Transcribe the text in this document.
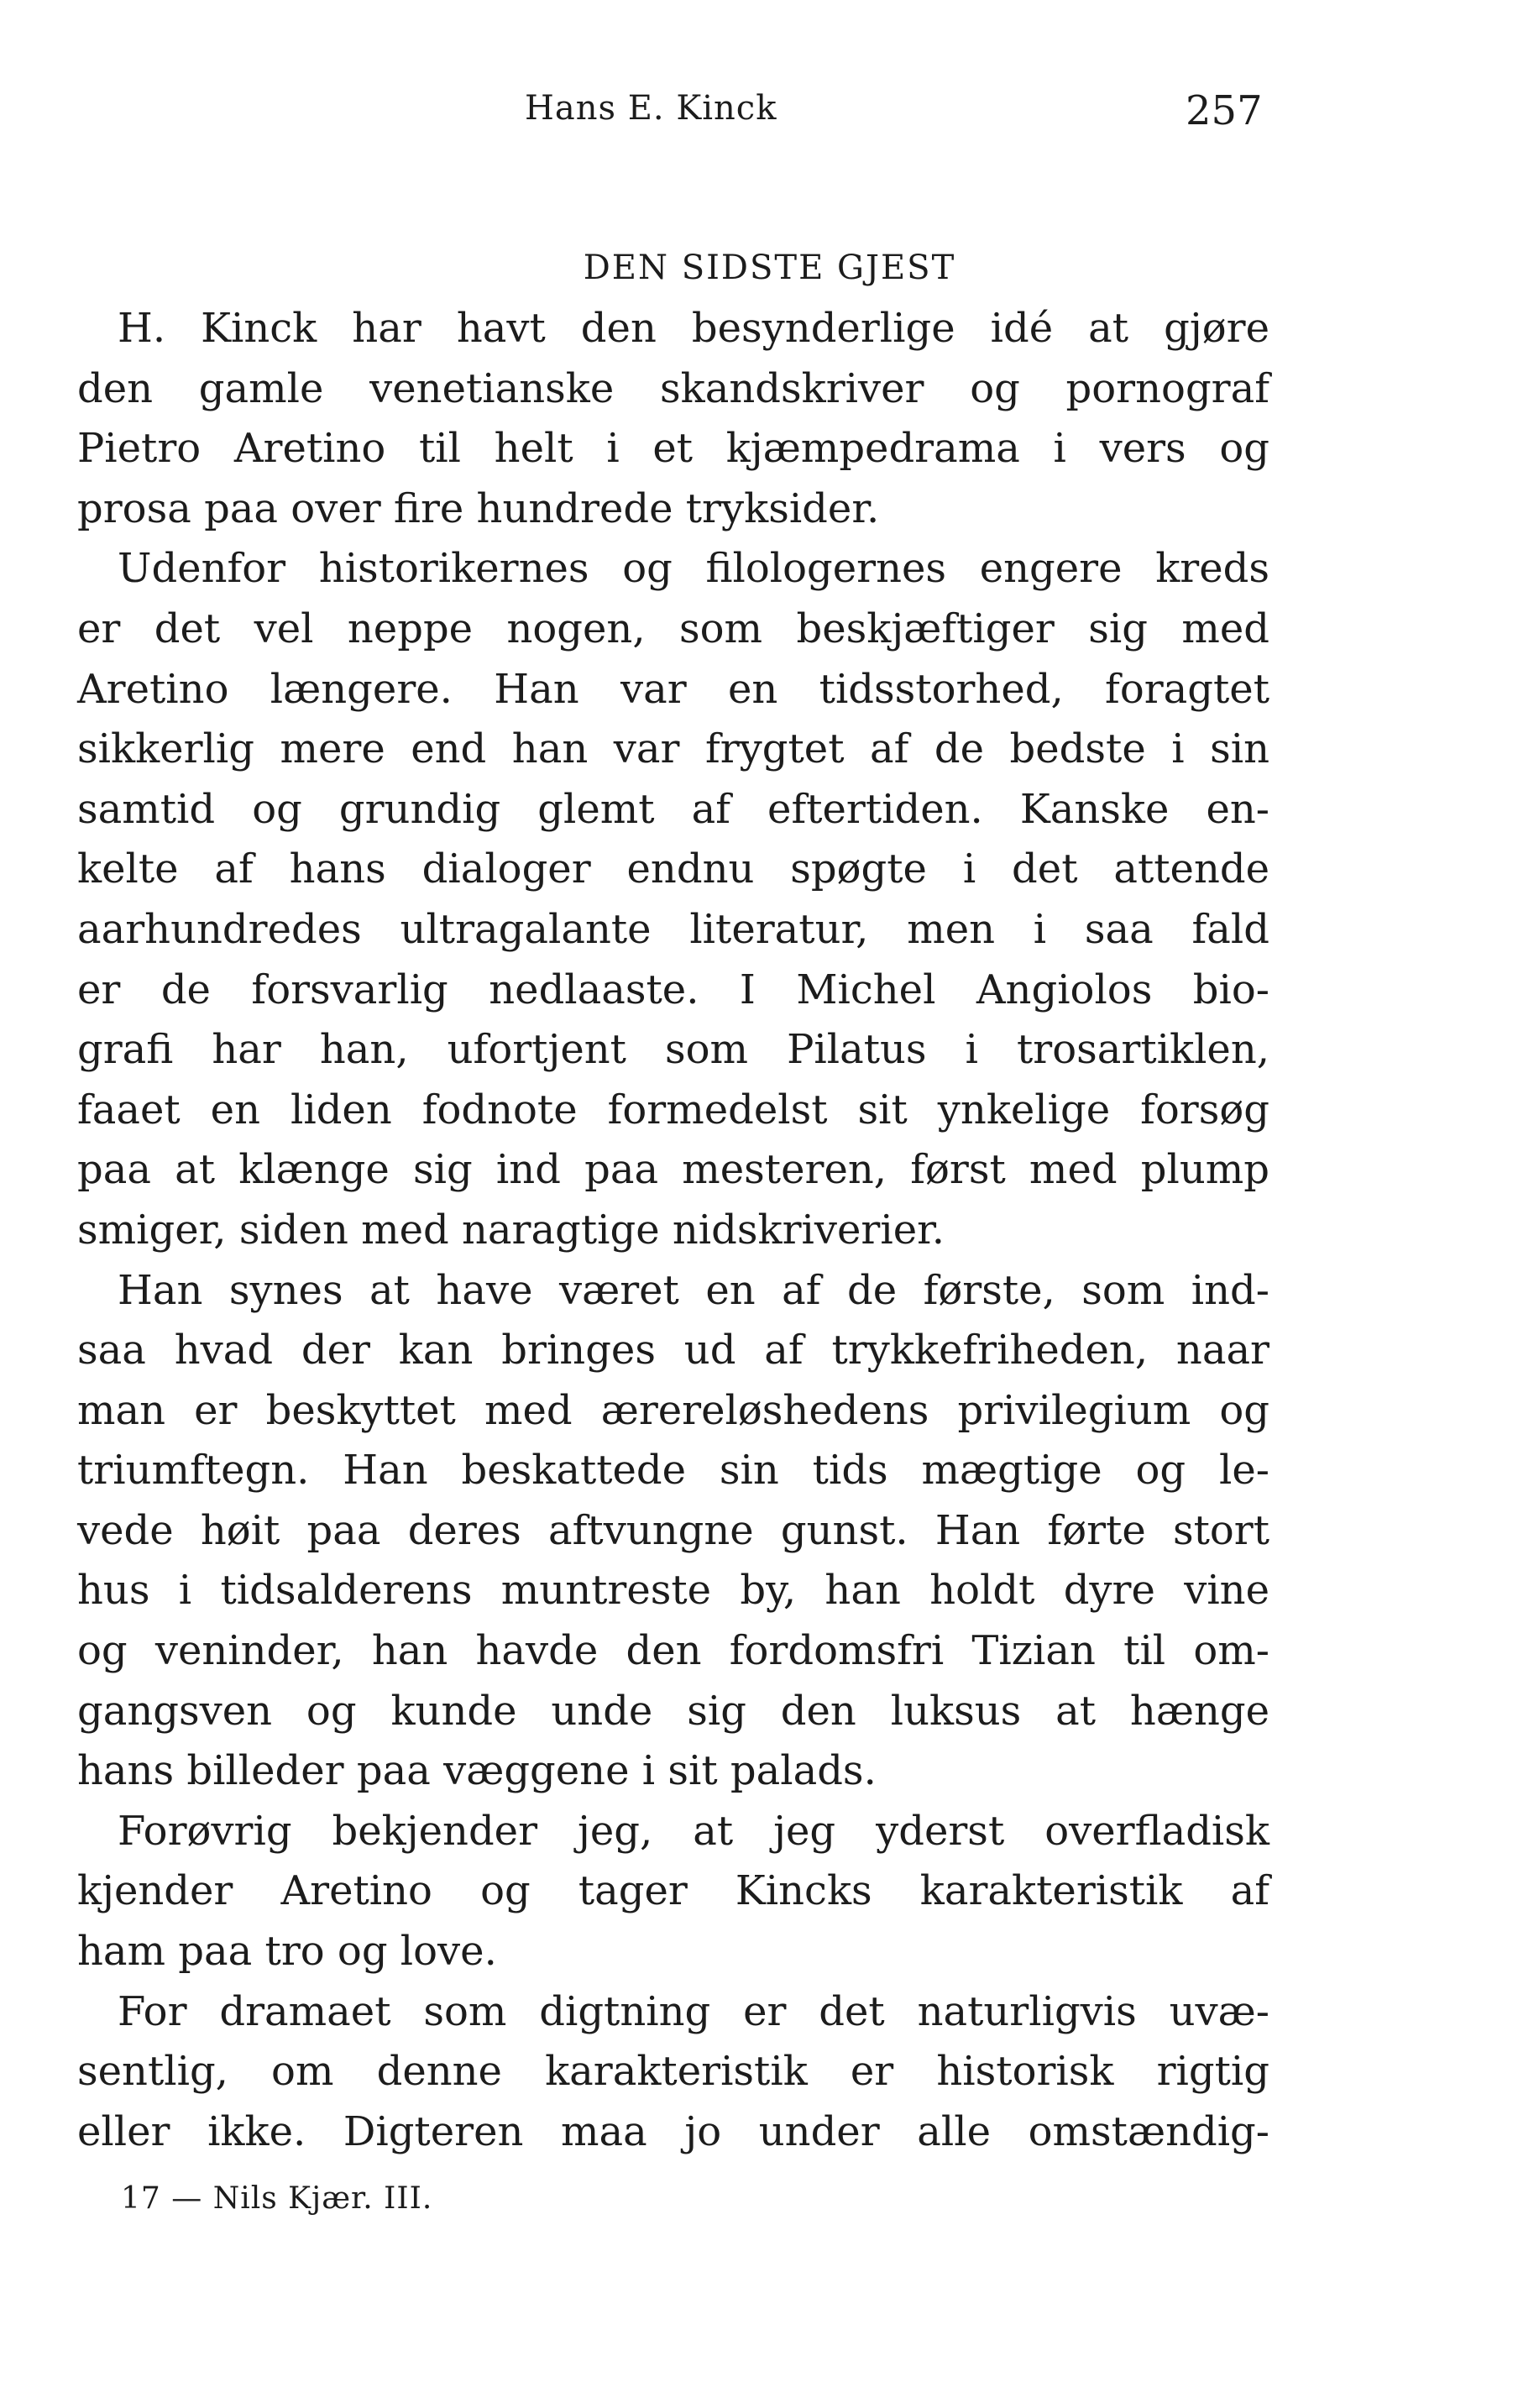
Hans E. Kinck	257
DEN SIDSTE GJEST
H. Kinck har havt den besynderlige idé at gjøre
den gamle venetianske skandskriver og pornograf
Pietro Aretino til helt i et kjæmpedrama i vers og
prosa paa over fire hundrede tryksider.
Udenfor historikernes og filologernes engere kreds
er det vel neppe nogen, som beskjæftiger sig med
Aretino længere. Han var en tidsstorhed, foragtet
sikkerlig mere end han var frygtet af de bedste i sin
samtid og grundig glemt af eftertiden. Kanske en-
kelte af hans dialoger endnu spøgte i det attende
aarhundredes ultragalante literatur, men i saa fald
er de forsvarlig nedlaaste. I Michel Angiolos bio-
grafi har han, ufortjent som Pilatus i trosartiklen,
faaet en liden fodnote formedelst sit ynkelige forsøg
paa at klænge sig ind paa mesteren, først med plump
smiger, siden med naragtige nidskriverier.
Han synes at have været en af de første, som ind-
saa hvad der kan bringes ud af trykkefriheden, naar
man er beskyttet med ærereløshedens privilegium og
triumftegn. Han beskattede sin tids mægtige og le-
vede høit paa deres aftvungne gunst. Han førte stort
hus i tidsalderens muntreste by, han holdt dyre vine
og veninder, han havde den fordomsfri Tizian til om-
gangsven og kunde unde sig den luksus at hænge
hans billeder paa væggene i sit palads.
Forøvrig bekjender jeg, at jeg yderst overfladisk
kjender Aretino og tager Kincks karakteristik af
ham paa tro og love.
For dramaet som digtning er det naturligvis uvæ-
sentlig, om denne karakteristik er historisk rigtig
eller ikke. Digteren maa jo under alle omstændig-
17 — Nils Kjær. III.
